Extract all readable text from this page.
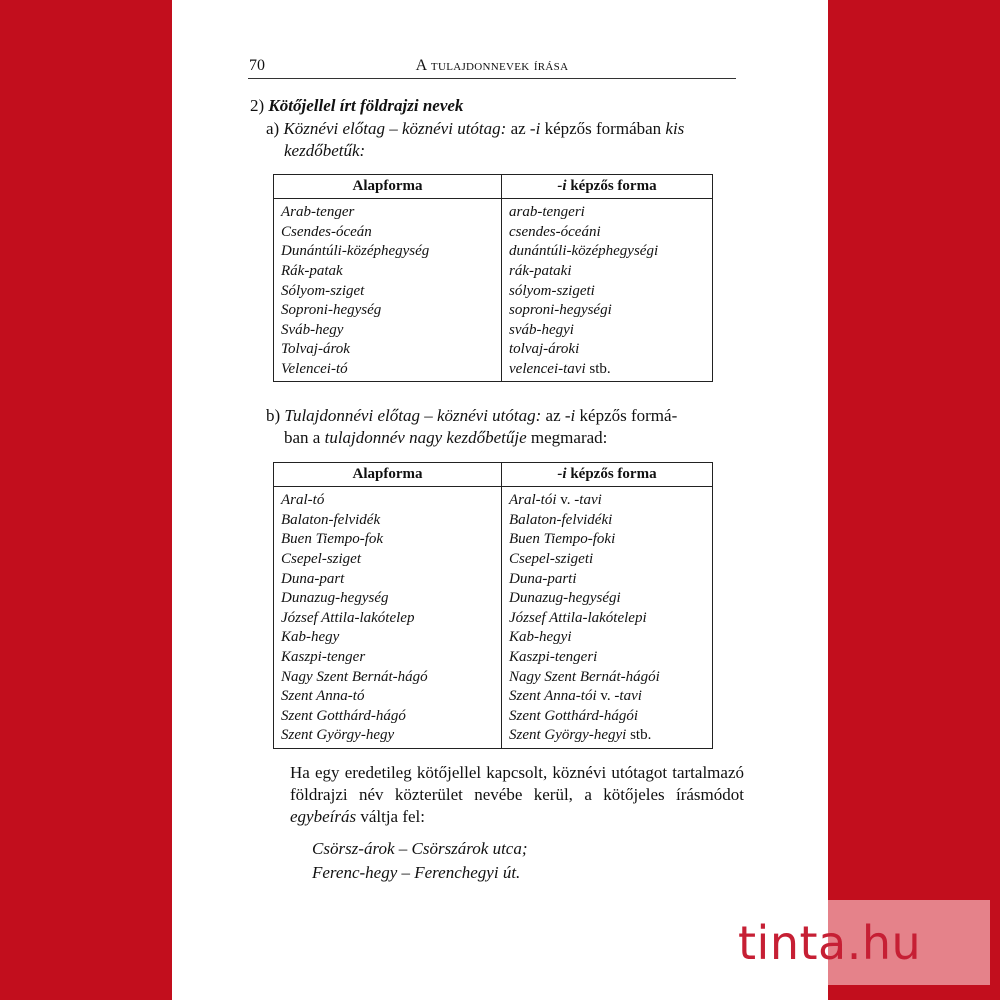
70	A tulajdonnevek írása
2) Kötőjellel írt földrajzi nevek
a) Köznévi előtag – köznévi utótag: az -i képzős formában kis
kezdőbetűk:
Alapforma	-i képzős forma
Arab-tenger	arab-tengeri
Csendes-óceán	csendes-óceáni
Dunántúli-középhegység	dunántúli-középhegységi
Rák-patak	rák-pataki
Sólyom-sziget	sólyom-szigeti
Soproni-hegység	soproni-hegységi
Sváb-hegy	sváb-hegyi
Tolvaj-árok	tolvaj-ároki
Velencei-tó	velencei-tavi stb.
b) Tulajdonnévi előtag – köznévi utótag: az -i képzős formá-
ban a tulajdonnév nagy kezdőbetűje megmarad:
Alapforma	-i képzős forma
Aral-tó	Aral-tói v. -tavi
Balaton-felvidék	Balaton-felvidéki
Buen Tiempo-fok	Buen Tiempo-foki
Csepel-sziget	Csepel-szigeti
Duna-part	Duna-parti
Dunazug-hegység	Dunazug-hegységi
József Attila-lakótelep	József Attila-lakótelepi
Kab-hegy	Kab-hegyi
Kaszpi-tenger	Kaszpi-tengeri
Nagy Szent Bernát-hágó	Nagy Szent Bernát-hágói
Szent Anna-tó	Szent Anna-tói v. -tavi
Szent Gotthárd-hágó	Szent Gotthárd-hágói
Szent György-hegy	Szent György-hegyi stb.
Ha egy eredetileg kötőjellel kapcsolt, köznévi utótagot tartalmazó földrajzi név közterület nevébe kerül, a kötőjeles írásmódot egybeírás váltja fel:
Csörsz-árok – Csörszárok utca;
Ferenc-hegy – Ferenchegyi út.
tinta.hu
